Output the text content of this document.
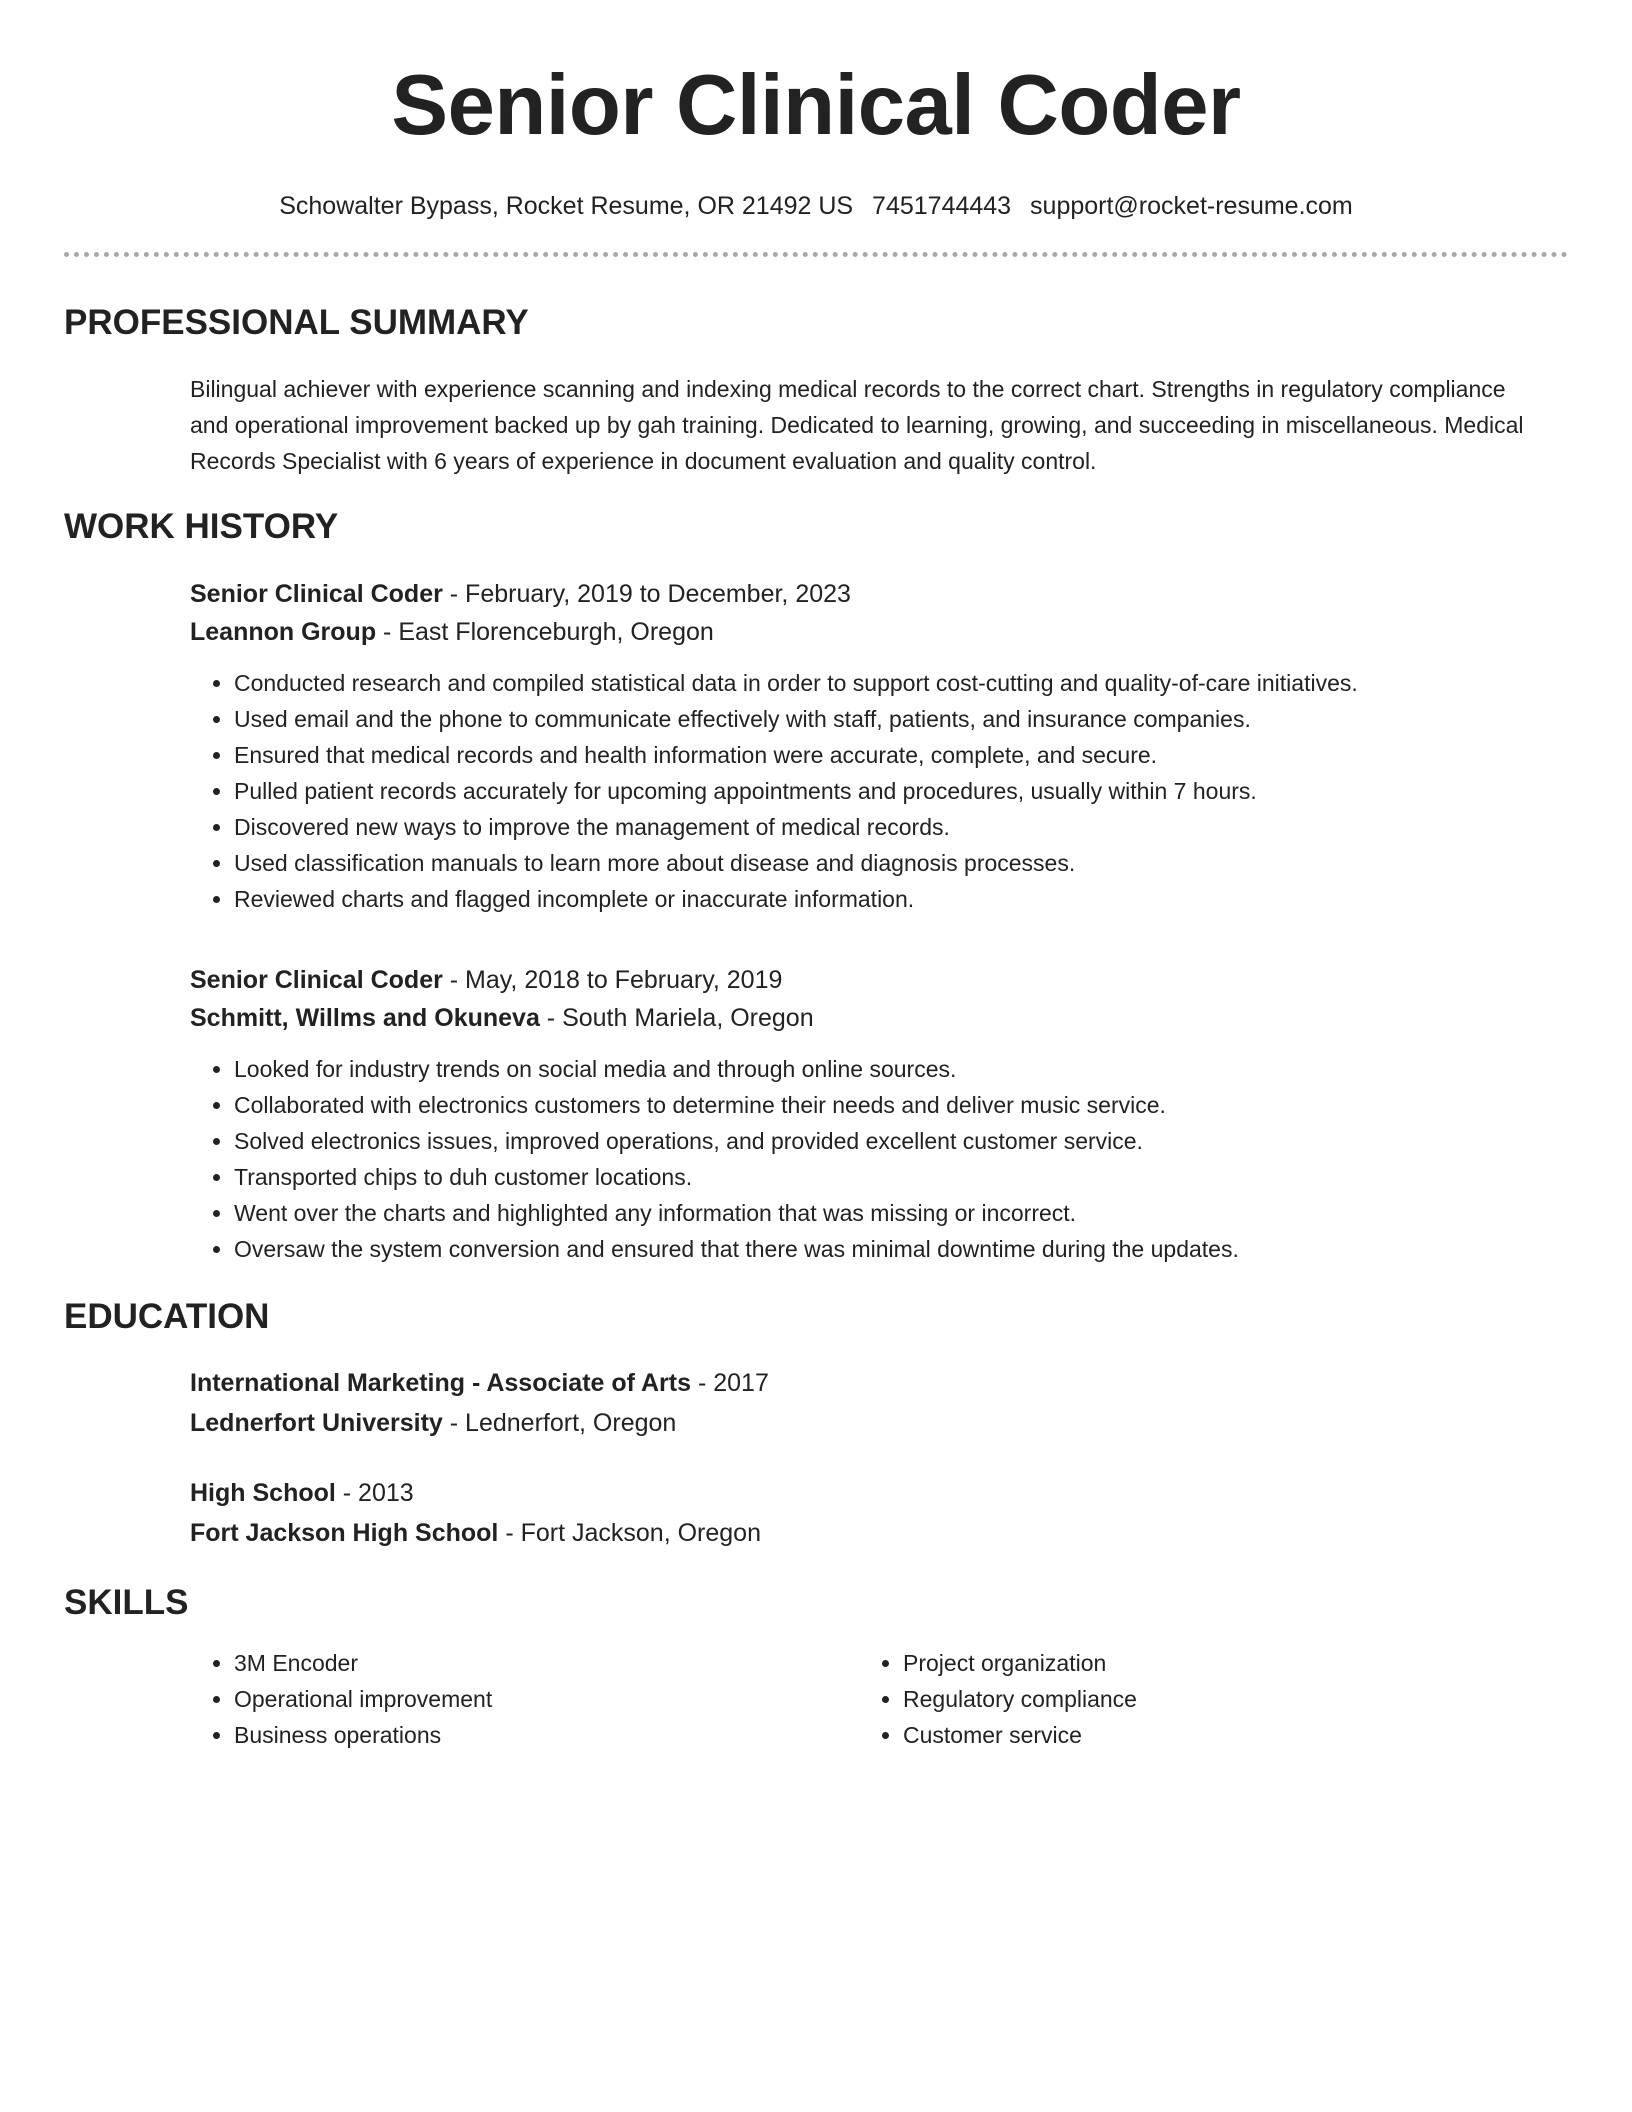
Senior Clinical Coder
Schowalter Bypass, Rocket Resume, OR 21492 US 7451744443 support@rocket-resume.com
PROFESSIONAL SUMMARY
Bilingual achiever with experience scanning and indexing medical records to the correct chart. Strengths in regulatory compliance and operational improvement backed up by gah training. Dedicated to learning, growing, and succeeding in miscellaneous. Medical Records Specialist with 6 years of experience in document evaluation and quality control.
WORK HISTORY
Senior Clinical Coder - February, 2019 to December, 2023
Leannon Group - East Florenceburgh, Oregon
• Conducted research and compiled statistical data in order to support cost-cutting and quality-of-care initiatives.
• Used email and the phone to communicate effectively with staff, patients, and insurance companies.
• Ensured that medical records and health information were accurate, complete, and secure.
• Pulled patient records accurately for upcoming appointments and procedures, usually within 7 hours.
• Discovered new ways to improve the management of medical records.
• Used classification manuals to learn more about disease and diagnosis processes.
• Reviewed charts and flagged incomplete or inaccurate information.
Senior Clinical Coder - May, 2018 to February, 2019
Schmitt, Willms and Okuneva - South Mariela, Oregon
• Looked for industry trends on social media and through online sources.
• Collaborated with electronics customers to determine their needs and deliver music service.
• Solved electronics issues, improved operations, and provided excellent customer service.
• Transported chips to duh customer locations.
• Went over the charts and highlighted any information that was missing or incorrect.
• Oversaw the system conversion and ensured that there was minimal downtime during the updates.
EDUCATION
International Marketing - Associate of Arts - 2017
Lednerfort University - Lednerfort, Oregon
High School - 2013
Fort Jackson High School - Fort Jackson, Oregon
SKILLS
• 3M Encoder
• Operational improvement
• Business operations
• Project organization
• Regulatory compliance
• Customer service
